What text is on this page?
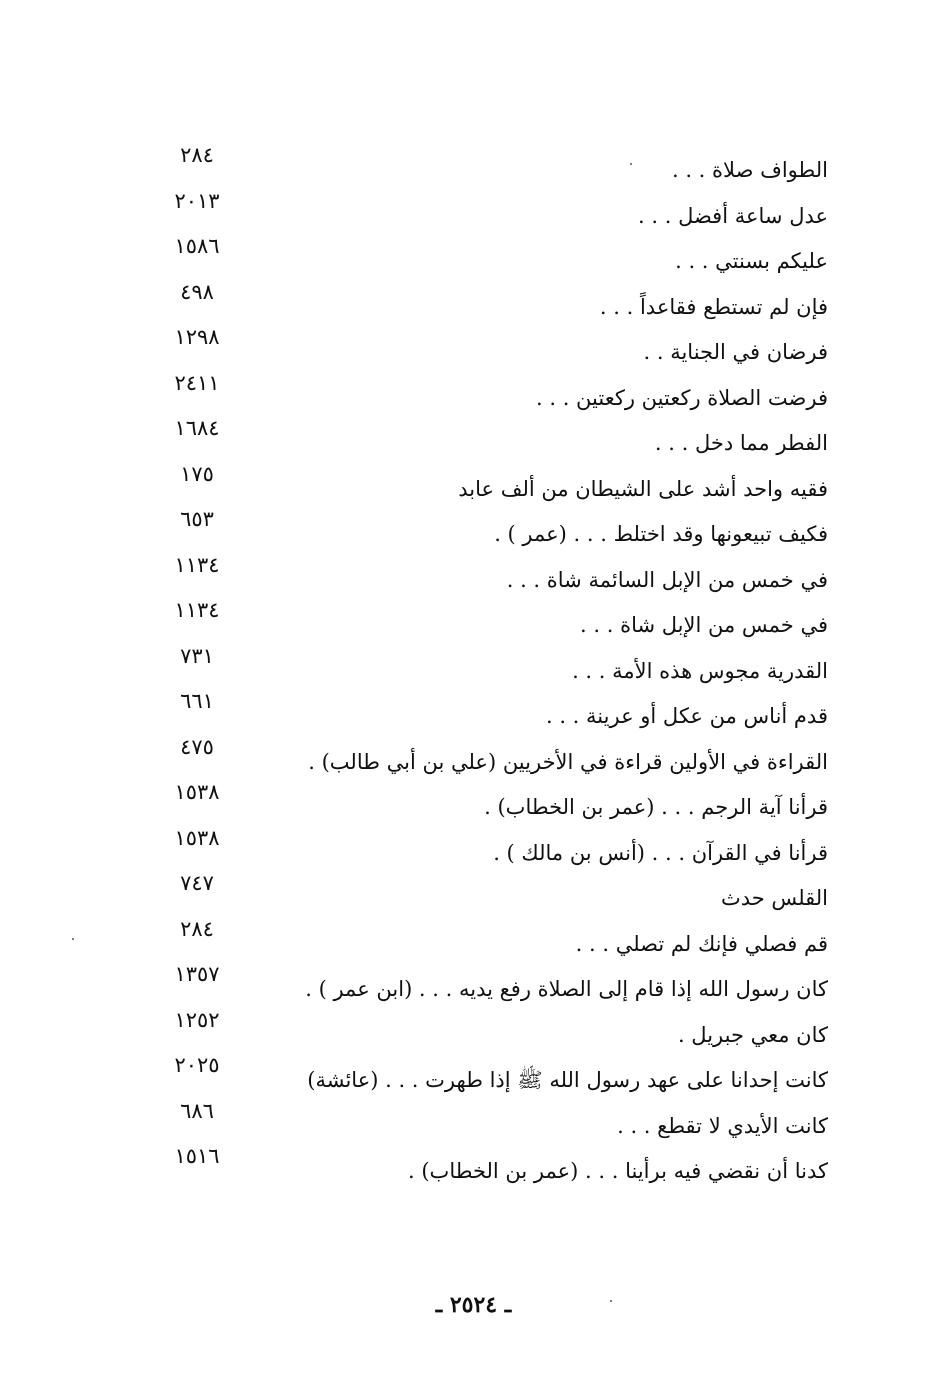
الطواف صلاة . . .
٢٨٤
عدل ساعة أفضل . . .
٢٠١٣
عليكم بسنتي . . .
١٥٨٦
فإن لم تستطع فقاعداً . . .
٤٩٨
فرضان في الجناية . .
١٢٩٨
فرضت الصلاة ركعتين ركعتين . . .
٢٤١١
الفطر مما دخل . . .
١٦٨٤
فقيه واحد أشد على الشيطان من ألف عابد
١٧٥
فكيف تبيعونها وقد اختلط . . . (عمر ) .
٦٥٣
في خمس من الإبل السائمة شاة . . .
١١٣٤
في خمس من الإبل شاة . . .
١١٣٤
القدرية مجوس هذه الأمة . . .
٧٣١
قدم أناس من عكل أو عرينة . . .
٦٦١
القراءة في الأولين قراءة في الأخريين (علي بن أبي طالب) .
٤٧٥
قرأنا آية الرجم . . . (عمر بن الخطاب) .
١٥٣٨
قرأنا في القرآن . . . (أنس بن مالك ) .
١٥٣٨
القلس حدث
٧٤٧
قم فصلي فإنك لم تصلي . . .
٢٨٤
كان رسول الله إذا قام إلى الصلاة رفع يديه . . . (ابن عمر ) .
١٣٥٧
كان معي جبريل .
١٢٥٢
كانت إحدانا على عهد رسول الله ﷺ إذا طهرت . . . (عائشة)
٢٠٢٥
كانت الأيدي لا تقطع . . .
٦٨٦
كدنا أن نقضي فيه برأينا . . . (عمر بن الخطاب) .
١٥١٦
ـ ٢٥٢٤ ـ
